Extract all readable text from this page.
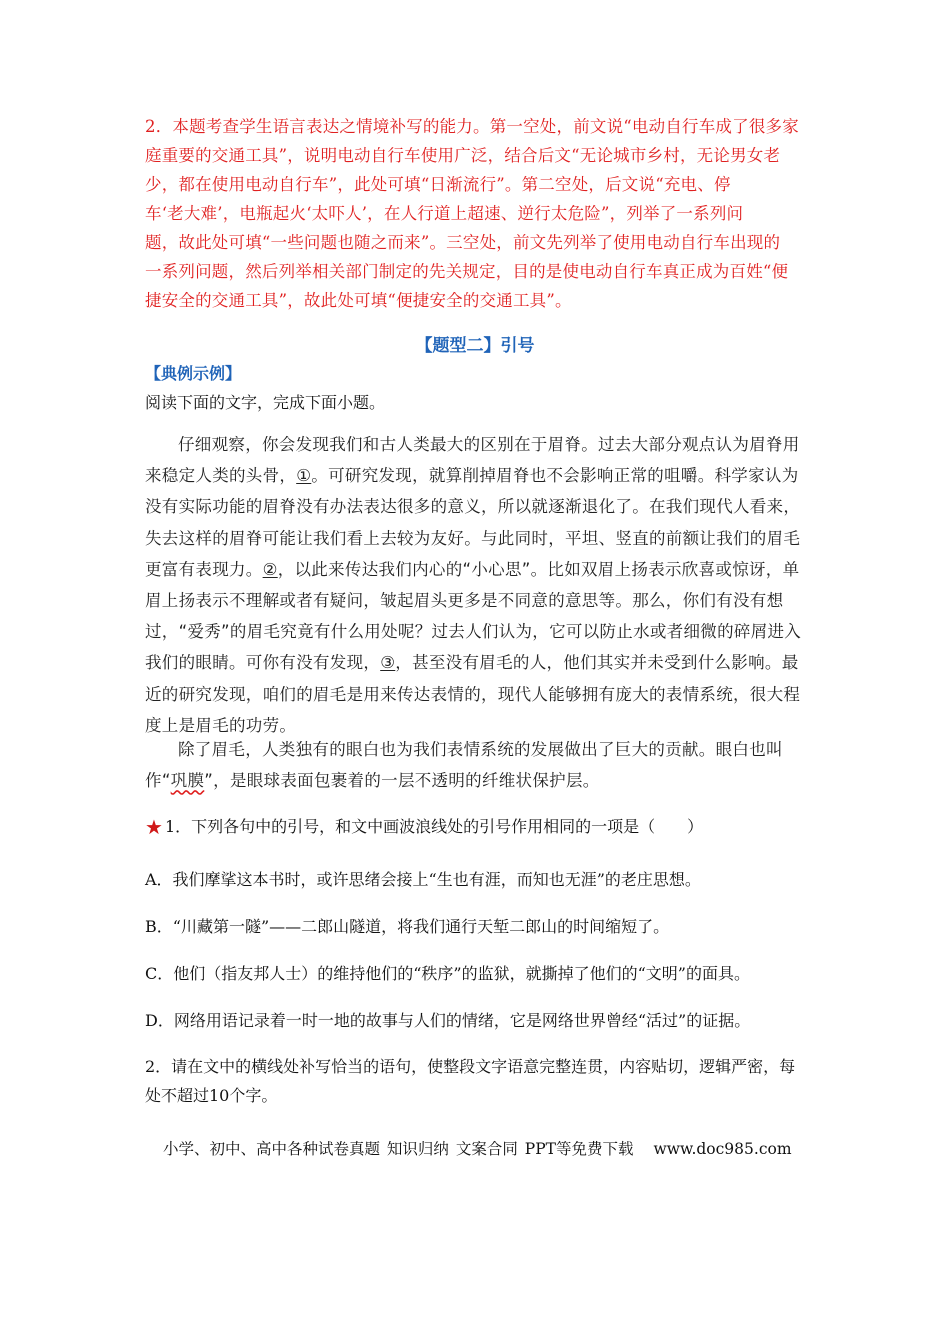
2．本题考查学生语言表达之情境补写的能力。第一空处，前文说“电动自行车成了很多家

庭重要的交通工具”，说明电动自行车使用广泛，结合后文“无论城市乡村，无论男女老

少，都在使用电动自行车”，此处可填“日渐流行”。第二空处，后文说“充电、停

车‘老大难’，电瓶起火‘太吓人’，在人行道上超速、逆行太危险”，列举了一系列问

题，故此处可填“一些问题也随之而来”。三空处，前文先列举了使用电动自行车出现的

一系列问题，然后列举相关部门制定的先关规定，目的是使电动自行车真正成为百姓“便

捷安全的交通工具”，故此处可填“便捷安全的交通工具”。

【题型二】引号
【典例示例】
阅读下面的文字，完成下面小题。

仔细观察，你会发现我们和古人类最大的区别在于眉脊。过去大部分观点认为眉脊用来稳定人类的头骨，①。可研究发现，就算削掉眉脊也不会影响正常的咀嚼。科学家认为没有实际功能的眉脊没有办法表达很多的意义，所以就逐渐退化了。在我们现代人看来，失去这样的眉脊可能让我们看上去较为友好。与此同时，平坦、竖直的前额让我们的眉毛更富有表现力。②，以此来传达我们内心的“小心思”。比如双眉上扬表示欣喜或惊讶，单眉上扬表示不理解或者有疑问，皱起眉头更多是不同意的意思等。那么，你们有没有想过，“爱秀”的眉毛究竟有什么用处呢？过去人们认为，它可以防止水或者细微的碎屑进入我们的眼睛。可你有没有发现，③，甚至没有眉毛的人，他们其实并未受到什么影响。最近的研究发现，咱们的眉毛是用来传达表情的，现代人能够拥有庞大的表情系统，很大程度上是眉毛的功劳。

除了眉毛，人类独有的眼白也为我们表情系统的发展做出了巨大的贡献。眼白也叫作“巩膜”，是眼球表面包裹着的一层不透明的纤维状保护层。

★ 1．下列各句中的引号，和文中画波浪线处的引号作用相同的一项是（　　）
A．我们摩挲这本书时，或许思绪会接上“生也有涯，而知也无涯”的老庄思想。
B．“川藏第一隧”——二郎山隧道，将我们通行天堑二郎山的时间缩短了。
C．他们（指友邦人士）的维持他们的“秩序”的监狱，就撕掉了他们的“文明”的面具。
D．网络用语记录着一时一地的故事与人们的情绪，它是网络世界曾经“活过”的证据。
2．请在文中的横线处补写恰当的语句，使整段文字语意完整连贯，内容贴切，逻辑严密，每处不超过10个字。
小学、初中、高中各种试卷真题 知识归纳 文案合同 PPT等免费下载 www.doc985.com
